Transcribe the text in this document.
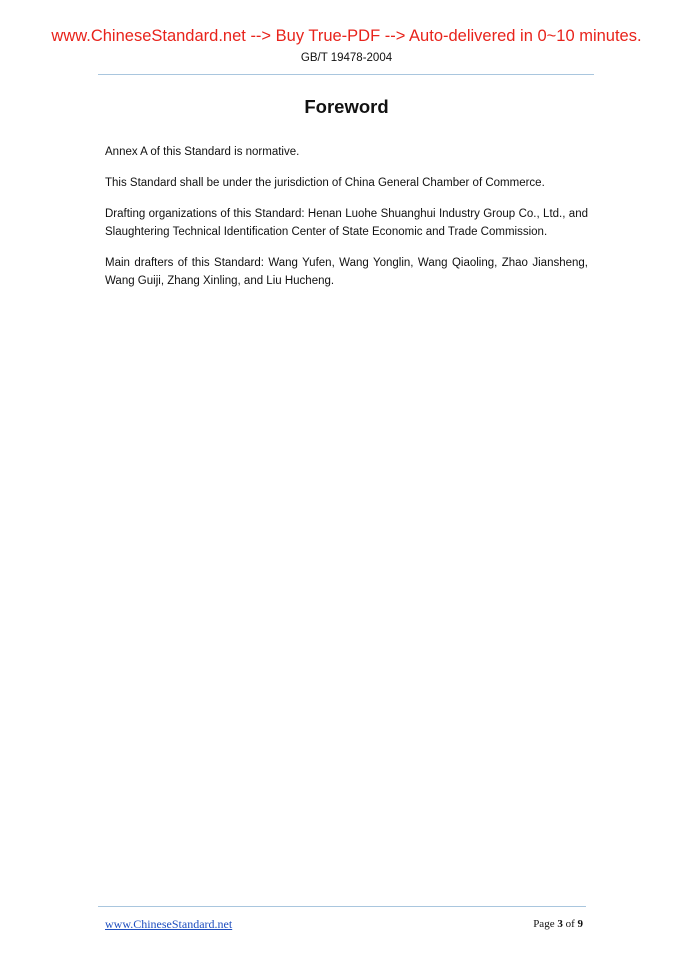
www.ChineseStandard.net --> Buy True-PDF --> Auto-delivered in 0~10 minutes.
GB/T 19478-2004
Foreword

Annex A of this Standard is normative.

This Standard shall be under the jurisdiction of China General Chamber of Commerce.

Drafting organizations of this Standard: Henan Luohe Shuanghui Industry Group Co., Ltd., and Slaughtering Technical Identification Center of State Economic and Trade Commission.

Main drafters of this Standard: Wang Yufen, Wang Yonglin, Wang Qiaoling, Zhao Jiansheng, Wang Guiji, Zhang Xinling, and Liu Hucheng.

www.ChineseStandard.net	Page 3 of 9
